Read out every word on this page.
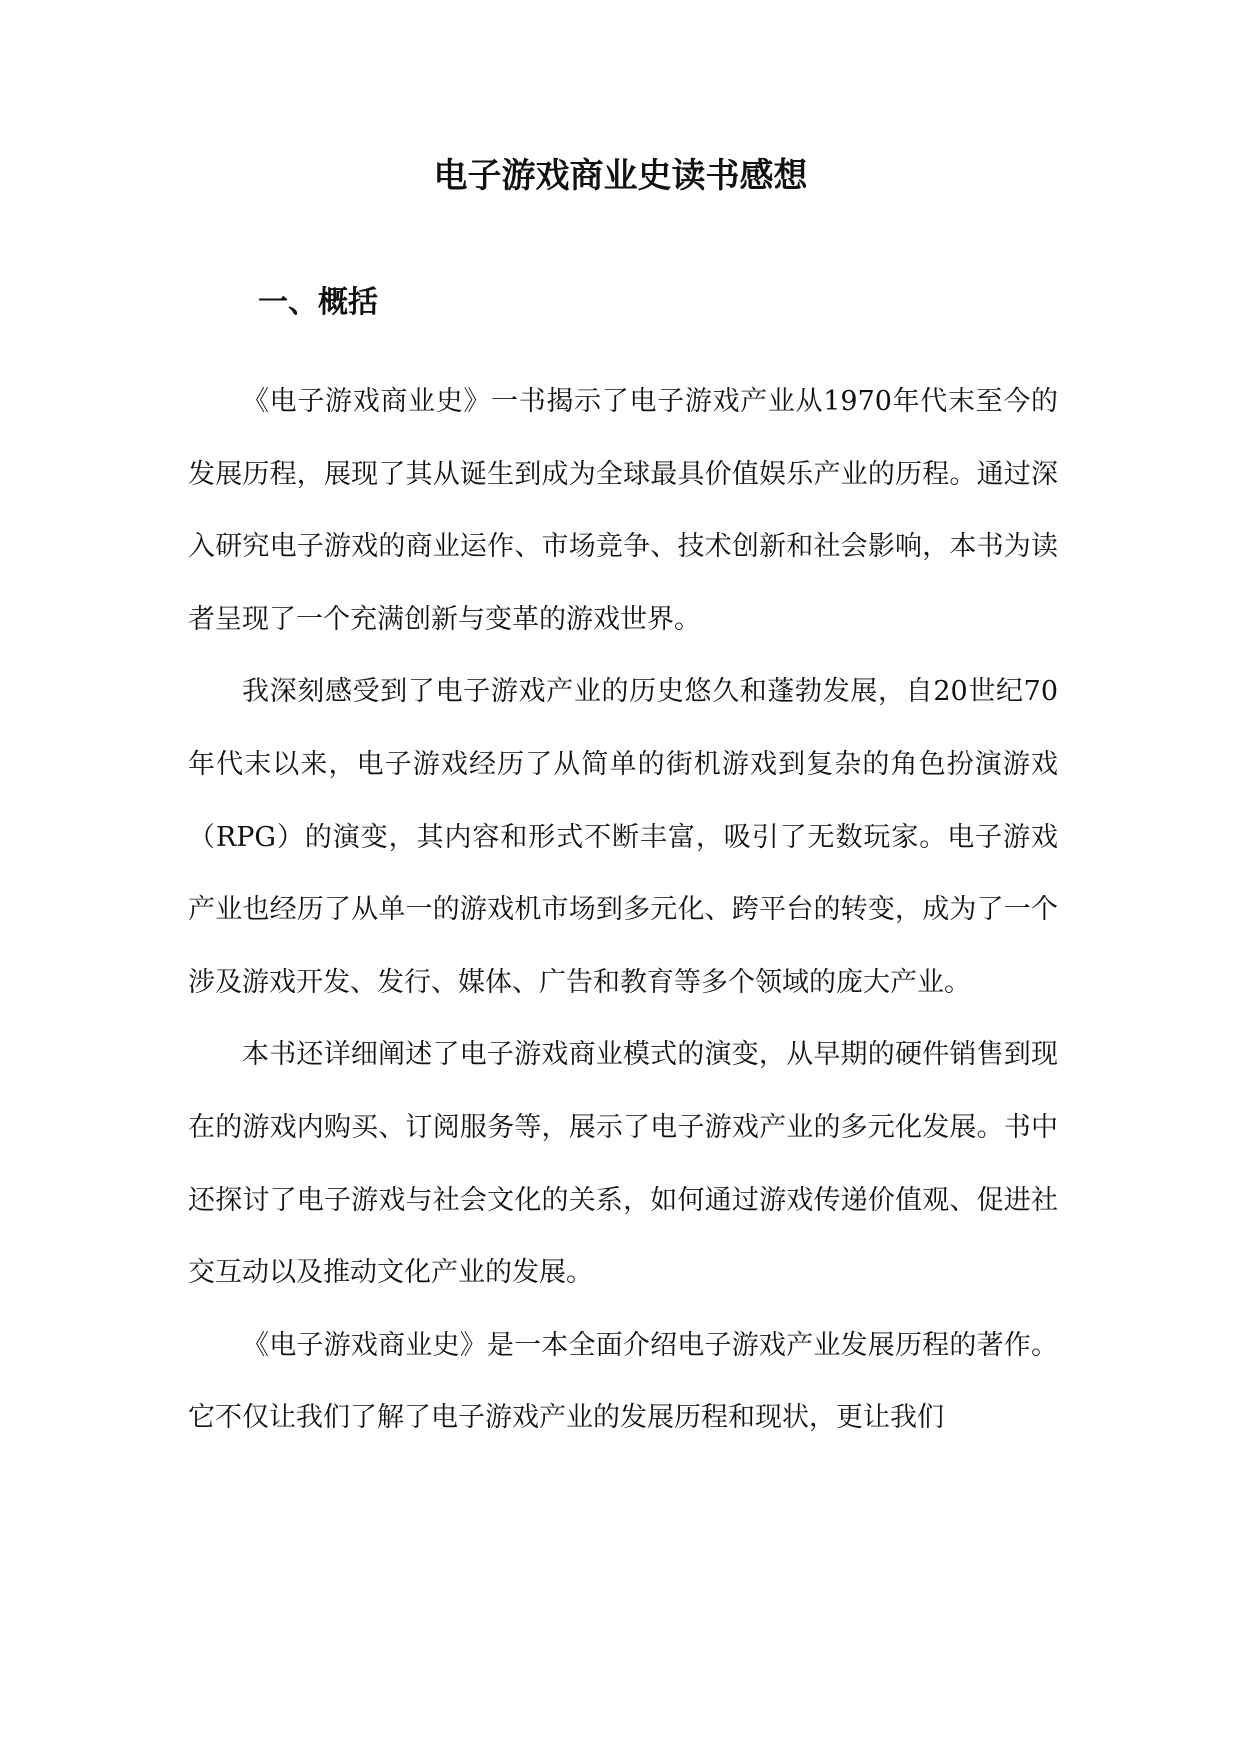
电子游戏商业史读书感想
一、概括

《电子游戏商业史》一书揭示了电子游戏产业从1970年代末至今的发展历程，展现了其从诞生到成为全球最具价值娱乐产业的历程。通过深入研究电子游戏的商业运作、市场竞争、技术创新和社会影响，本书为读者呈现了一个充满创新与变革的游戏世界。

我深刻感受到了电子游戏产业的历史悠久和蓬勃发展，自20世纪70年代末以来，电子游戏经历了从简单的街机游戏到复杂的角色扮演游戏（RPG）的演变，其内容和形式不断丰富，吸引了无数玩家。电子游戏产业也经历了从单一的游戏机市场到多元化、跨平台的转变，成为了一个涉及游戏开发、发行、媒体、广告和教育等多个领域的庞大产业。

本书还详细阐述了电子游戏商业模式的演变，从早期的硬件销售到现在的游戏内购买、订阅服务等，展示了电子游戏产业的多元化发展。书中还探讨了电子游戏与社会文化的关系，如何通过游戏传递价值观、促进社交互动以及推动文化产业的发展。

《电子游戏商业史》是一本全面介绍电子游戏产业发展历程的著作。它不仅让我们了解了电子游戏产业的发展历程和现状，更让我们
